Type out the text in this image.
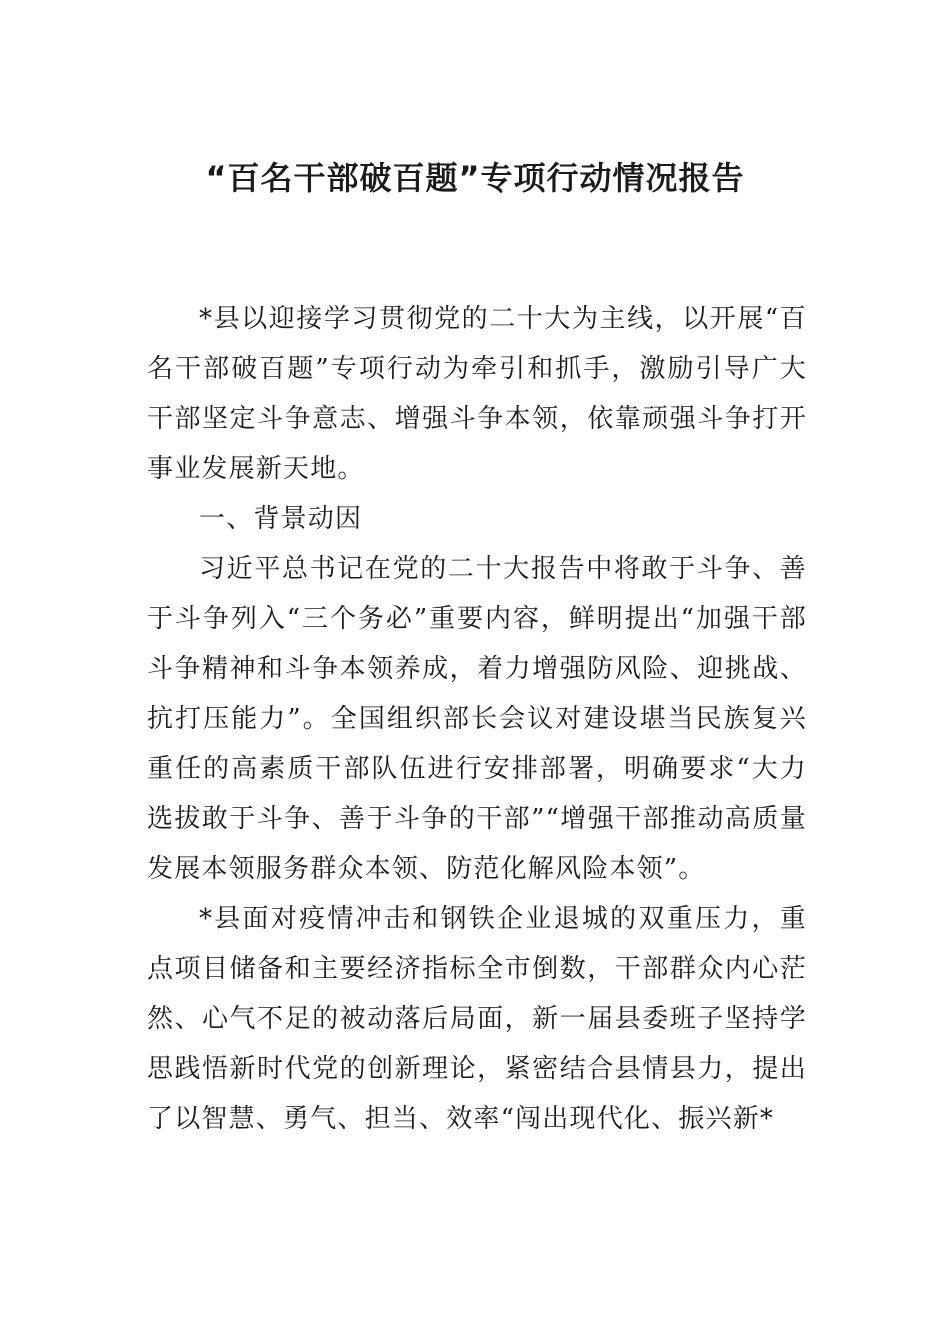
“百名干部破百题”专项行动情况报告

*县以迎接学习贯彻党的二十大为主线，以开展“百名干部破百题”专项行动为牵引和抓手，激励引导广大干部坚定斗争意志、增强斗争本领，依靠顽强斗争打开事业发展新天地。

一、背景动因

习近平总书记在党的二十大报告中将敢于斗争、善于斗争列入“三个务必”重要内容，鲜明提出“加强干部斗争精神和斗争本领养成，着力增强防风险、迎挑战、抗打压能力”。全国组织部长会议对建设堪当民族复兴重任的高素质干部队伍进行安排部署，明确要求“大力选拔敢于斗争、善于斗争的干部”“增强干部推动高质量发展本领服务群众本领、防范化解风险本领”。

*县面对疫情冲击和钢铁企业退城的双重压力，重点项目储备和主要经济指标全市倒数，干部群众内心茫然、心气不足的被动落后局面，新一届县委班子坚持学思践悟新时代党的创新理论，紧密结合县情县力，提出了以智慧、勇气、担当、效率“闯出现代化、振兴新*
